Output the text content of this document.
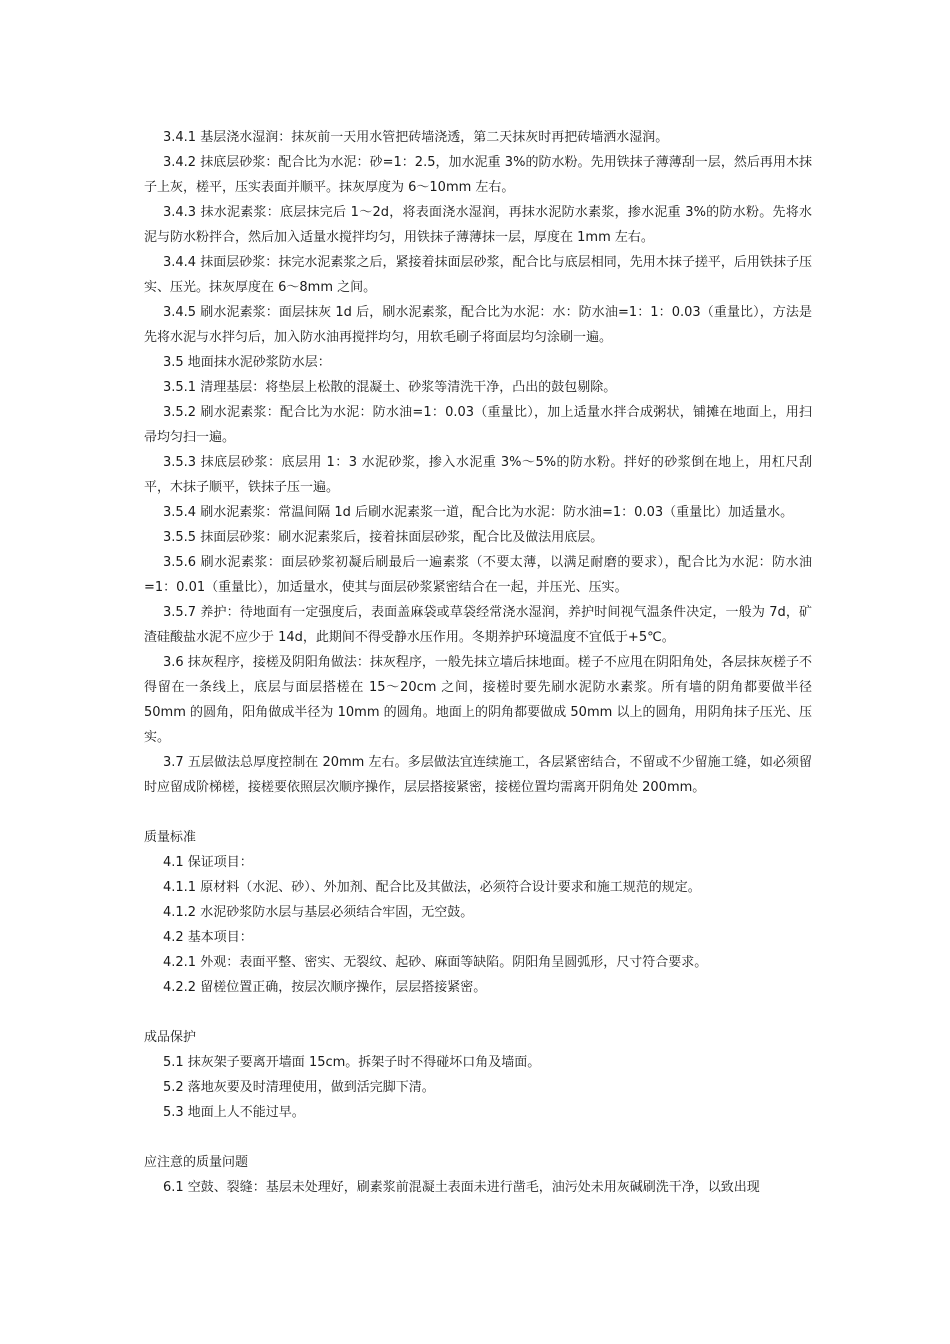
3.4.1 基层浇水湿润：抹灰前一天用水管把砖墙浇透，第二天抹灰时再把砖墙洒水湿润。

3.4.2 抹底层砂浆：配合比为水泥：砂=1：2.5，加水泥重 3%的防水粉。先用铁抹子薄薄刮一层，然后再用木抹子上灰，槎平，压实表面并顺平。抹灰厚度为 6～10mm 左右。

3.4.3 抹水泥素浆：底层抹完后 1～2d，将表面浇水湿润，再抹水泥防水素浆，掺水泥重 3%的防水粉。先将水泥与防水粉拌合，然后加入适量水搅拌均匀，用铁抹子薄薄抹一层，厚度在 1mm 左右。

3.4.4 抹面层砂浆：抹完水泥素浆之后，紧接着抹面层砂浆，配合比与底层相同，先用木抹子搓平，后用铁抹子压实、压光。抹灰厚度在 6～8mm 之间。

3.4.5 刷水泥素浆：面层抹灰 1d 后，刷水泥素浆，配合比为水泥：水：防水油=1：1：0.03（重量比），方法是先将水泥与水拌匀后，加入防水油再搅拌均匀，用软毛刷子将面层均匀涂刷一遍。

3.5 地面抹水泥砂浆防水层：

3.5.1 清理基层：将垫层上松散的混凝土、砂浆等清洗干净，凸出的鼓包剔除。

3.5.2 刷水泥素浆：配合比为水泥：防水油=1：0.03（重量比），加上适量水拌合成粥状，铺摊在地面上，用扫帚均匀扫一遍。

3.5.3 抹底层砂浆：底层用 1：3 水泥砂浆，掺入水泥重 3%～5%的防水粉。拌好的砂浆倒在地上，用杠尺刮平，木抹子顺平，铁抹子压一遍。

3.5.4 刷水泥素浆：常温间隔 1d 后刷水泥素浆一道，配合比为水泥：防水油=1：0.03（重量比）加适量水。

3.5.5 抹面层砂浆：刷水泥素浆后，接着抹面层砂浆，配合比及做法用底层。

3.5.6 刷水泥素浆：面层砂浆初凝后刷最后一遍素浆（不要太薄，以满足耐磨的要求），配合比为水泥：防水油=1：0.01（重量比），加适量水，使其与面层砂浆紧密结合在一起，并压光、压实。

3.5.7 养护：待地面有一定强度后，表面盖麻袋或草袋经常浇水湿润，养护时间视气温条件决定，一般为 7d，矿渣硅酸盐水泥不应少于 14d，此期间不得受静水压作用。冬期养护环境温度不宜低于+5℃。

3.6 抹灰程序，接槎及阴阳角做法：抹灰程序，一般先抹立墙后抹地面。槎子不应甩在阴阳角处，各层抹灰槎子不得留在一条线上，底层与面层搭槎在 15～20cm 之间，接槎时要先刷水泥防水素浆。所有墙的阴角都要做半径 50mm 的圆角，阳角做成半径为 10mm 的圆角。地面上的阴角都要做成 50mm 以上的圆角，用阴角抹子压光、压实。

3.7 五层做法总厚度控制在 20mm 左右。多层做法宜连续施工，各层紧密结合，不留或不少留施工缝，如必须留时应留成阶梯槎，接槎要依照层次顺序操作，层层搭接紧密，接槎位置均需离开阴角处 200mm。

质量标准

4.1 保证项目：

4.1.1 原材料（水泥、砂）、外加剂、配合比及其做法，必须符合设计要求和施工规范的规定。

4.1.2 水泥砂浆防水层与基层必须结合牢固，无空鼓。

4.2 基本项目：

4.2.1 外观：表面平整、密实、无裂纹、起砂、麻面等缺陷。阴阳角呈圆弧形，尺寸符合要求。

4.2.2 留槎位置正确，按层次顺序操作，层层搭接紧密。

成品保护

5.1 抹灰架子要离开墙面 15cm。拆架子时不得碰坏口角及墙面。

5.2 落地灰要及时清理使用，做到活完脚下清。

5.3 地面上人不能过早。

应注意的质量问题

6.1 空鼓、裂缝：基层未处理好，刷素浆前混凝土表面未进行凿毛，油污处未用灰碱刷洗干净，以致出现
